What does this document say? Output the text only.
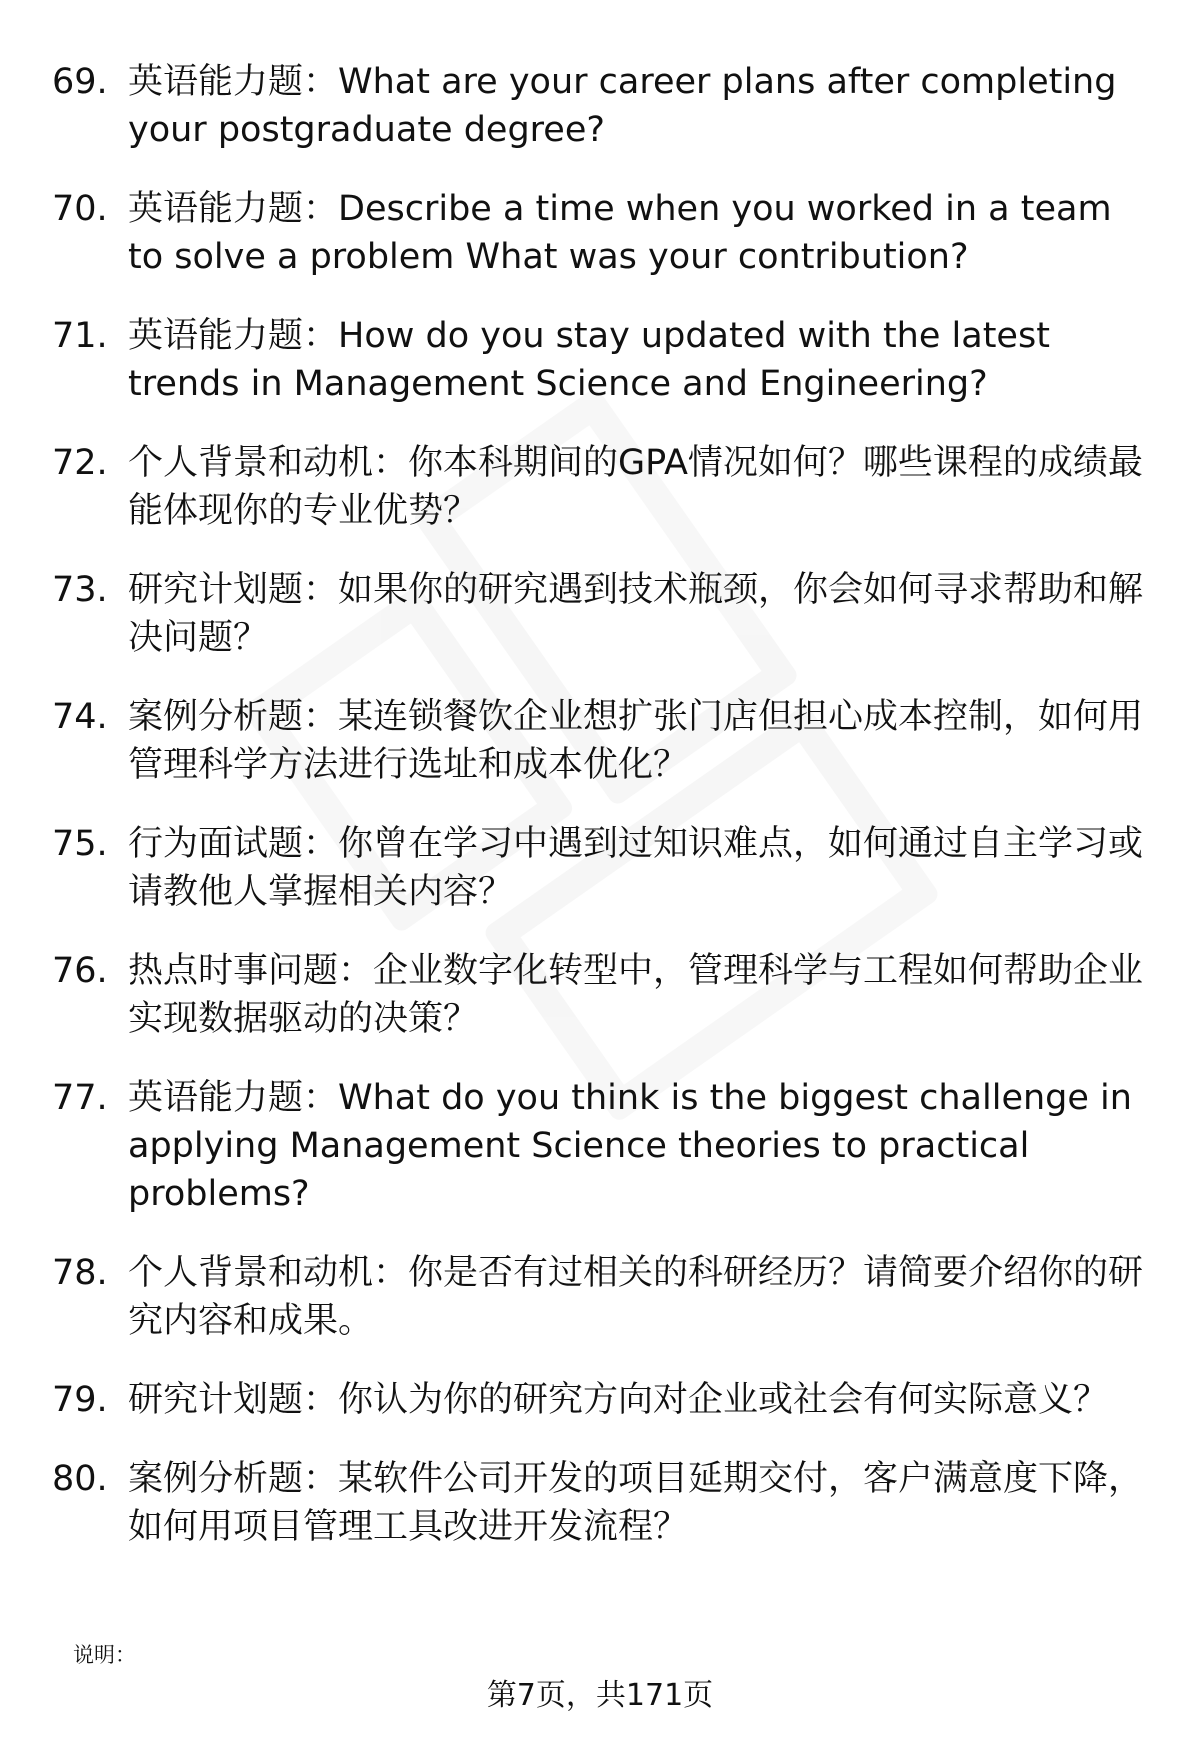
69. 英语能力题：What are your career plans after completing your postgraduate degree?
70. 英语能力题：Describe a time when you worked in a team to solve a problem What was your contribution?
71. 英语能力题：How do you stay updated with the latest trends in Management Science and Engineering?
72. 个人背景和动机：你本科期间的GPA情况如何？哪些课程的成绩最能体现你的专业优势？
73. 研究计划题：如果你的研究遇到技术瓶颈，你会如何寻求帮助和解决问题？
74. 案例分析题：某连锁餐饮企业想扩张门店但担心成本控制，如何用管理科学方法进行选址和成本优化？
75. 行为面试题：你曾在学习中遇到过知识难点，如何通过自主学习或请教他人掌握相关内容？
76. 热点时事问题：企业数字化转型中，管理科学与工程如何帮助企业实现数据驱动的决策？
77. 英语能力题：What do you think is the biggest challenge in applying Management Science theories to practical problems?
78. 个人背景和动机：你是否有过相关的科研经历？请简要介绍你的研究内容和成果。
79. 研究计划题：你认为你的研究方向对企业或社会有何实际意义？
80. 案例分析题：某软件公司开发的项目延期交付，客户满意度下降，如何用项目管理工具改进开发流程？
说明：
第7页，共171页
